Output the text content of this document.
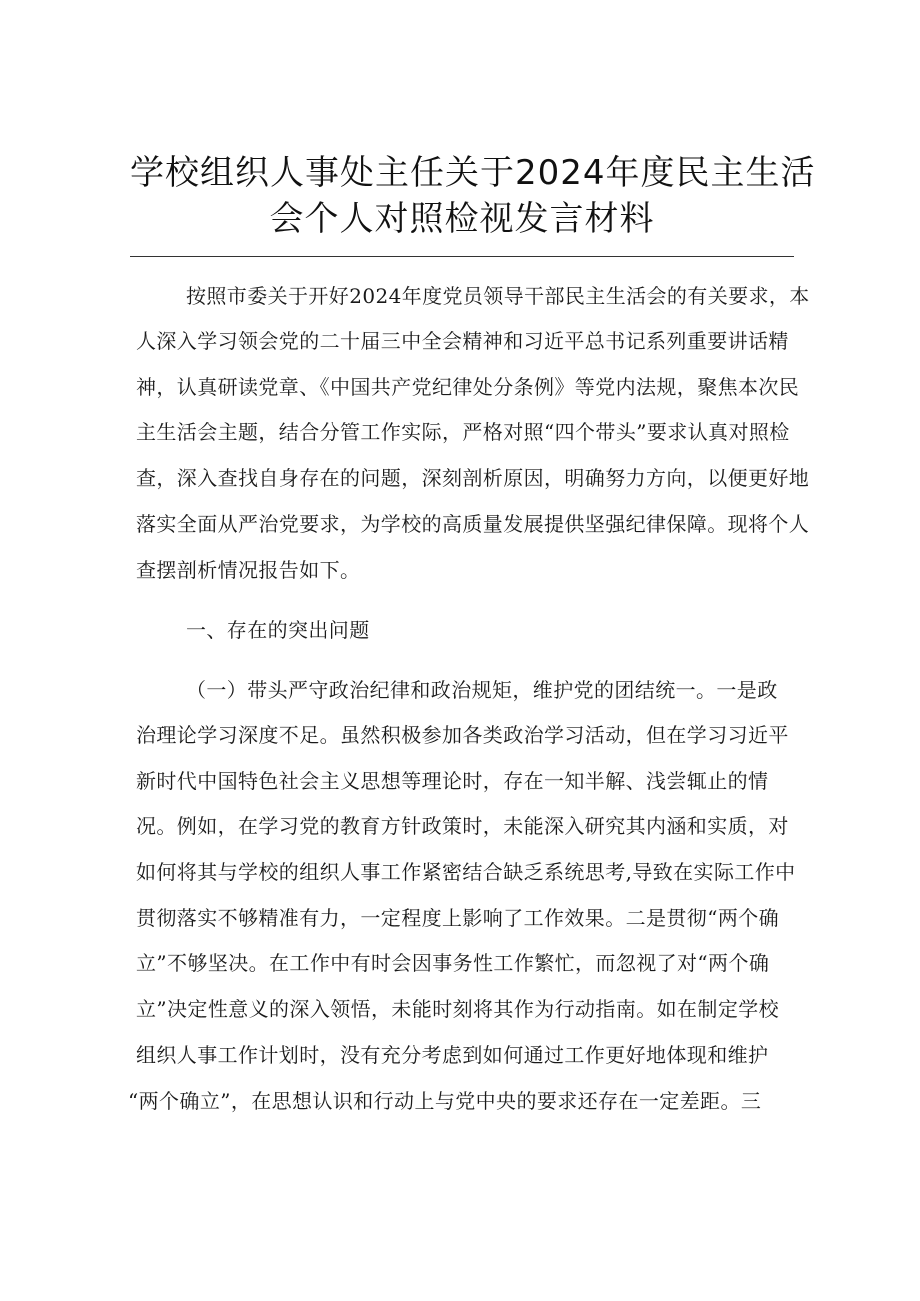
学校组织人事处主任关于2024年度民主生活
会个人对照检视发言材料
按照市委关于开好2024年度党员领导干部民主生活会的有关要求，本
人深入学习领会党的二十届三中全会精神和习近平总书记系列重要讲话精
神，认真研读党章、《中国共产党纪律处分条例》等党内法规，聚焦本次民
主生活会主题，结合分管工作实际，严格对照“四个带头”要求认真对照检
查，深入查找自身存在的问题，深刻剖析原因，明确努力方向，以便更好地
落实全面从严治党要求，为学校的高质量发展提供坚强纪律保障。现将个人
查摆剖析情况报告如下。
一、存在的突出问题
（一）带头严守政治纪律和政治规矩，维护党的团结统一。一是政
治理论学习深度不足。虽然积极参加各类政治学习活动，但在学习习近平
新时代中国特色社会主义思想等理论时，存在一知半解、浅尝辄止的情
况。例如，在学习党的教育方针政策时，未能深入研究其内涵和实质，对
如何将其与学校的组织人事工作紧密结合缺乏系统思考,导致在实际工作中
贯彻落实不够精准有力，一定程度上影响了工作效果。二是贯彻“两个确
立”不够坚决。在工作中有时会因事务性工作繁忙，而忽视了对“两个确
立”决定性意义的深入领悟，未能时刻将其作为行动指南。如在制定学校
组织人事工作计划时，没有充分考虑到如何通过工作更好地体现和维护
“两个确立”，在思想认识和行动上与党中央的要求还存在一定差距。三
